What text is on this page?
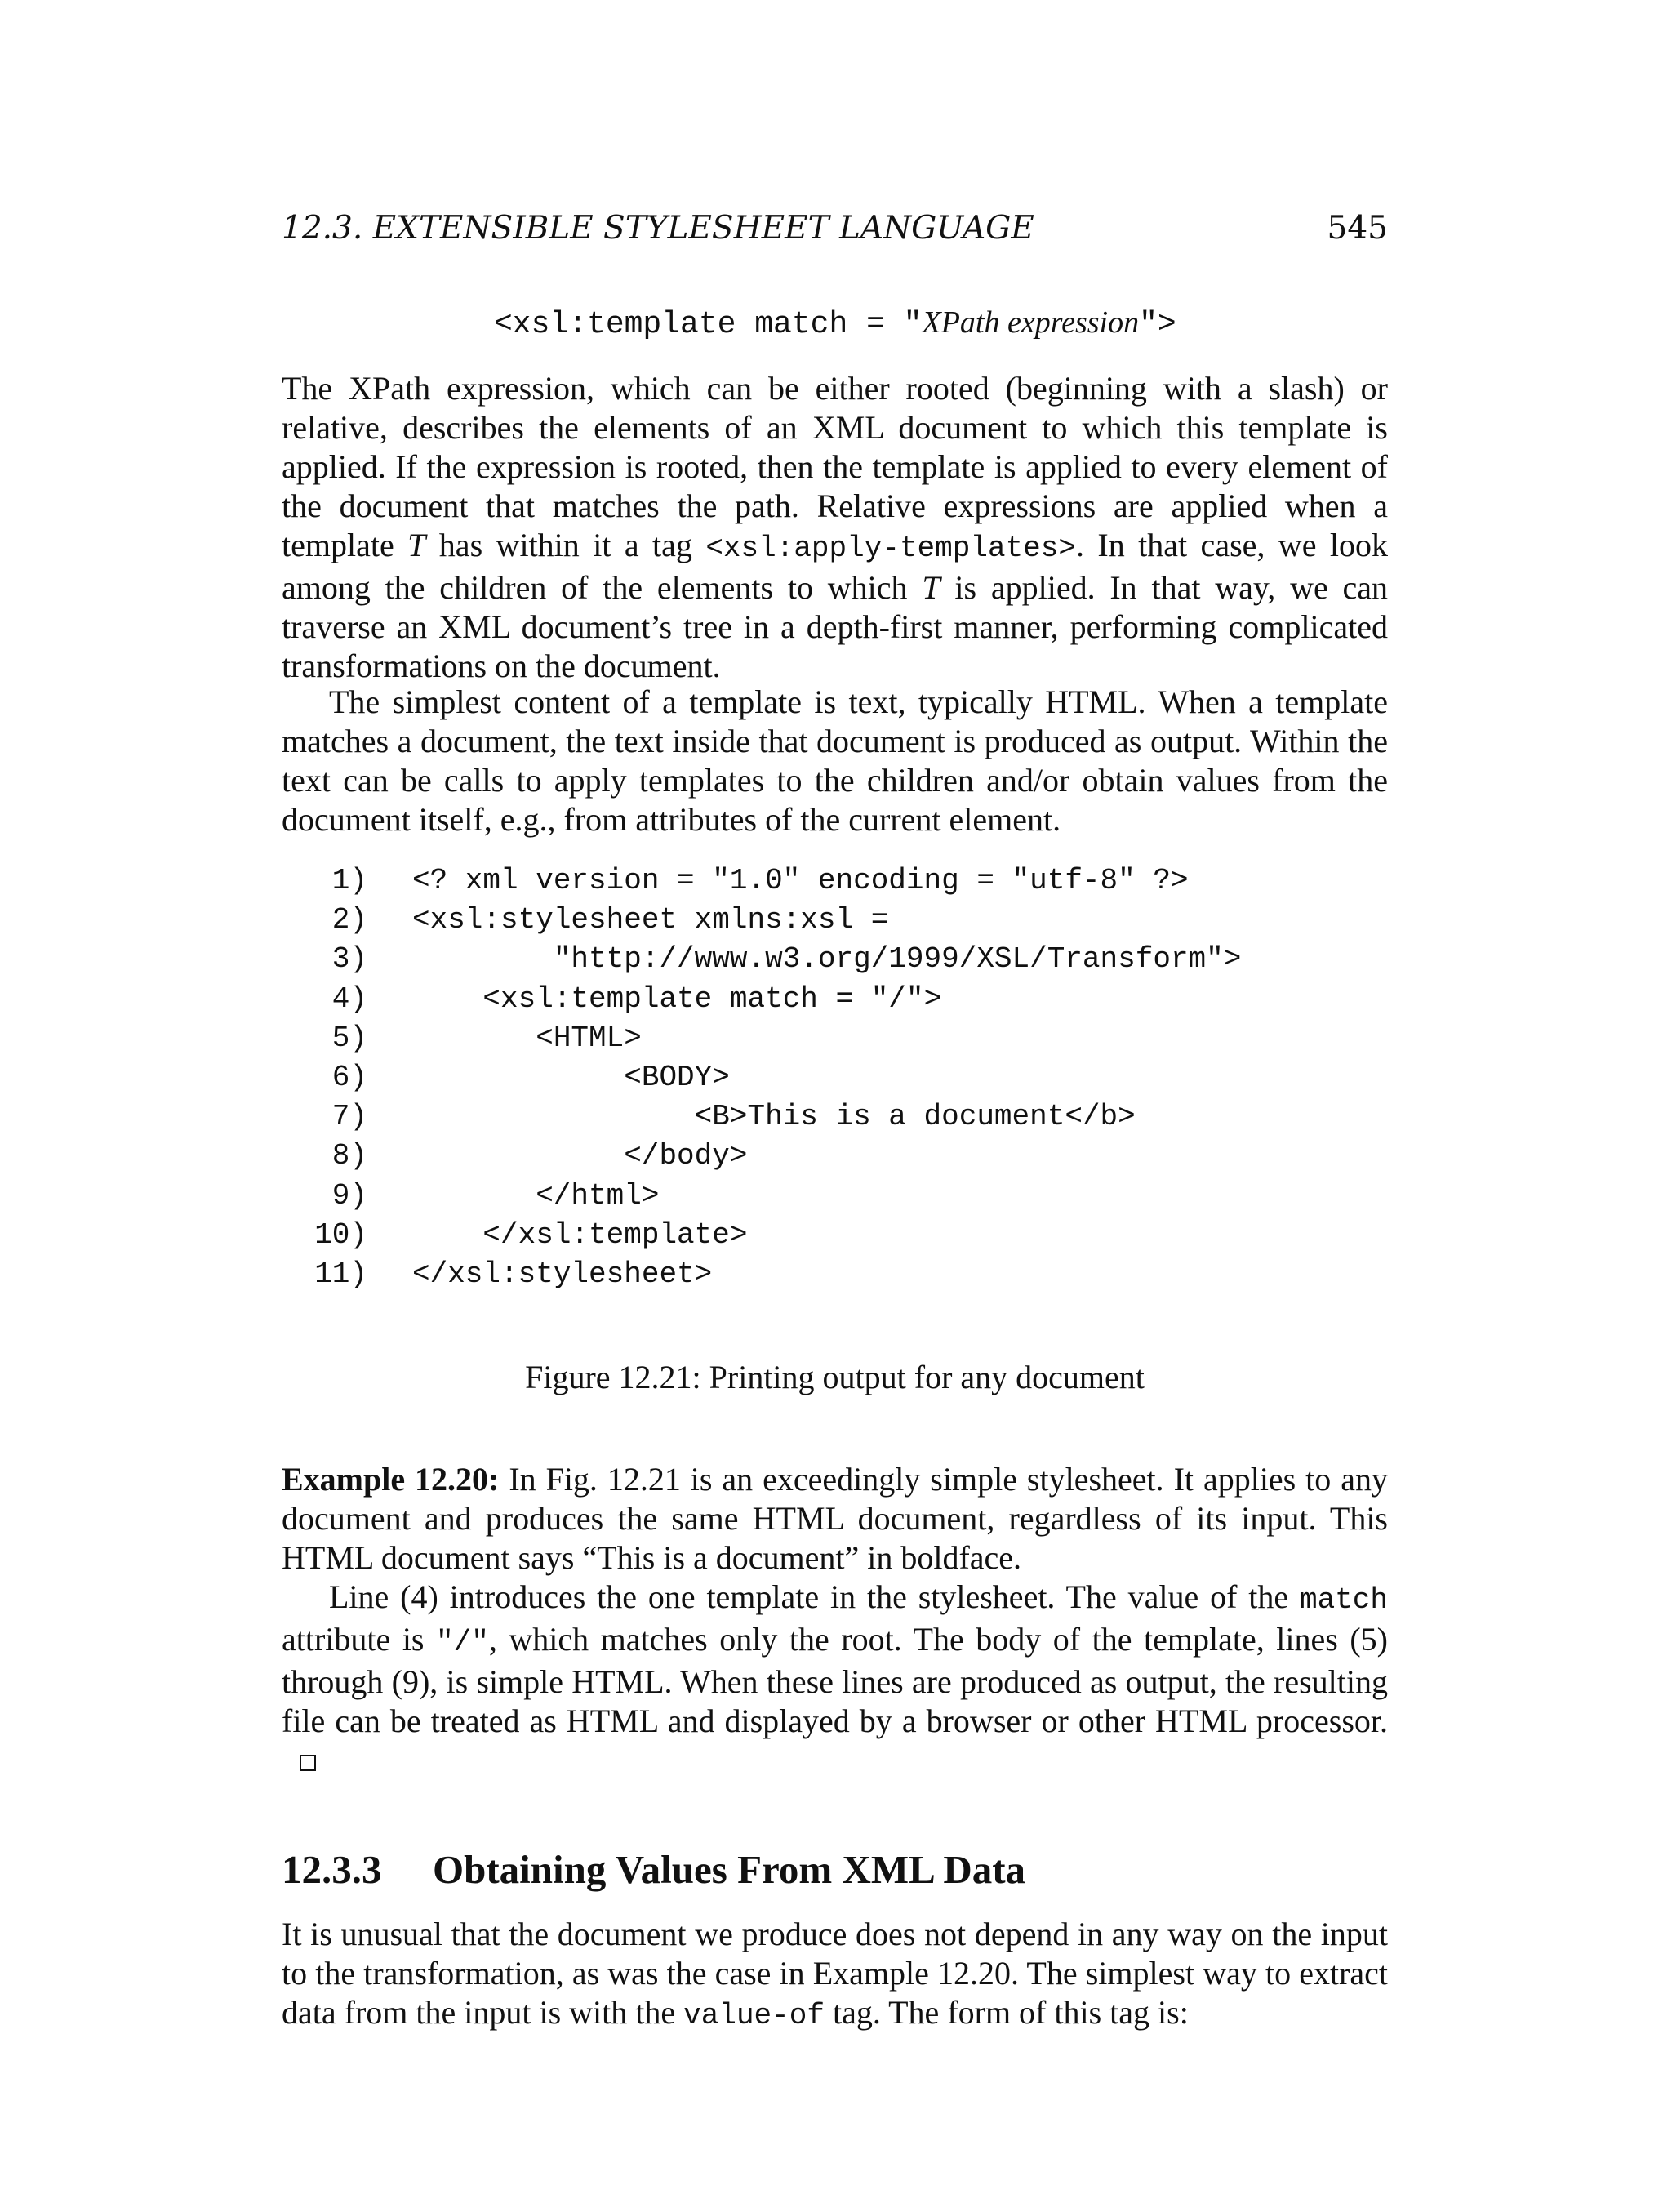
12.3. EXTENSIBLE STYLESHEET LANGUAGE	545
<xsl:template match = "XPath expression">

The XPath expression, which can be either rooted (beginning with a slash) or relative, describes the elements of an XML document to which this template is applied. If the expression is rooted, then the template is applied to every element of the document that matches the path. Relative expressions are applied when a template T has within it a tag <xsl:apply-templates>. In that case, we look among the children of the elements to which T is applied. In that way, we can traverse an XML document’s tree in a depth-first manner, performing complicated transformations on the document.

The simplest content of a template is text, typically HTML. When a template matches a document, the text inside that document is produced as output. Within the text can be calls to apply templates to the children and/or obtain values from the document itself, e.g., from attributes of the current element.

1) <? xml version = "1.0" encoding = "utf-8" ?>
2) <xsl:stylesheet xmlns:xsl =
3) "http://www.w3.org/1999/XSL/Transform">
4) <xsl:template match = "/">
5) <HTML>
6) <BODY>
7) <B>This is a document</b>
8) </body>
9) </html>
10) </xsl:template>
11) </xsl:stylesheet>
Figure 12.21: Printing output for any document

Example 12.20: In Fig. 12.21 is an exceedingly simple stylesheet. It applies to any document and produces the same HTML document, regardless of its input. This HTML document says “This is a document” in boldface.

Line (4) introduces the one template in the stylesheet. The value of the match attribute is "/", which matches only the root. The body of the template, lines (5) through (9), is simple HTML. When these lines are produced as output, the resulting file can be treated as HTML and displayed by a browser or other HTML processor.

12.3.3 Obtaining Values From XML Data

It is unusual that the document we produce does not depend in any way on the input to the transformation, as was the case in Example 12.20. The simplest way to extract data from the input is with the value-of tag. The form of this tag is:
